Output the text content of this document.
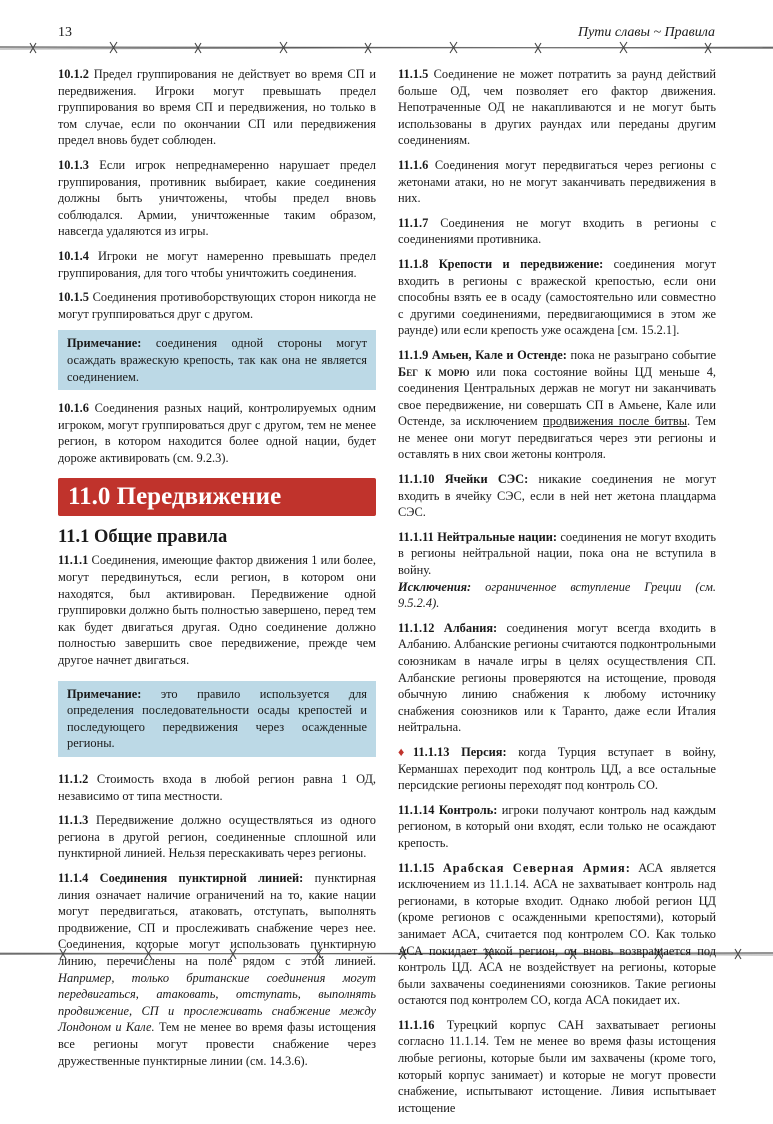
13	Пути славы ~ Правила

10.1.2 Предел группирования не действует во время СП и передвижения. Игроки могут превышать предел группирования во время СП и передвижения, но только в том случае, если по окончании СП или передвижения предел вновь будет соблюден.

10.1.3 Если игрок непреднамеренно нарушает предел группирования, противник выбирает, какие соединения должны быть уничтожены, чтобы предел вновь соблюдался. Армии, уничтоженные таким образом, навсегда удаляются из игры.

10.1.4 Игроки не могут намеренно превышать предел группирования, для того чтобы уничтожить соединения.

10.1.5 Соединения противоборствующих сторон никогда не могут группироваться друг с другом.

Примечание: соединения одной стороны могут осаждать вражескую крепость, так как она не является соединением.

10.1.6 Соединения разных наций, контролируемых одним игроком, могут группироваться друг с другом, тем не менее регион, в котором находится более одной нации, будет дороже активировать (см. 9.2.3).

11.0 Передвижение
11.1 Общие правила

11.1.1 Соединения, имеющие фактор движения 1 или более, могут передвинуться, если регион, в котором они находятся, был активирован. Передвижение одной группировки должно быть полностью завершено, перед тем как будет двигаться другая. Одно соединение должно полностью завершить свое передвижение, прежде чем другое начнет двигаться.

Примечание: это правило используется для определения последовательности осады крепостей и последующего передвижения через осажденные регионы.

11.1.2 Стоимость входа в любой регион равна 1 ОД, независимо от типа местности.

11.1.3 Передвижение должно осуществляться из одного региона в другой регион, соединенные сплошной или пунктирной линией. Нельзя перескакивать через регионы.

11.1.4 Соединения пунктирной линией: пунктирная линия означает наличие ограничений на то, какие нации могут передвигаться, атаковать, отступать, выполнять продвижение, СП и прослеживать снабжение через нее. Соединения, которые могут использовать пунктирную линию, перечислены на поле рядом с этой линией. Например, только британские соединения могут передвигаться, атаковать, отступать, выполнять продвижение, СП и прослеживать снабжение между Лондоном и Кале. Тем не менее во время фазы истощения все регионы могут провести снабжение через дружественные пунктирные линии (см. 14.3.6).

11.1.5 Соединение не может потратить за раунд действий больше ОД, чем позволяет его фактор движения. Непотраченные ОД не накапливаются и не могут быть использованы в других раундах или переданы другим соединениям.

11.1.6 Соединения могут передвигаться через регионы с жетонами атаки, но не могут заканчивать передвижения в них.

11.1.7 Соединения не могут входить в регионы с соединениями противника.

11.1.8 Крепости и передвижение: соединения могут входить в регионы с вражеской крепостью, если они способны взять ее в осаду (самостоятельно или совместно с другими соединениями, передвигающимися в этом же раунде) или если крепость уже осаждена [см. 15.2.1].

11.1.9 Амьен, Кале и Остенде: пока не разыграно событие Бег к морю или пока состояние войны ЦД меньше 4, соединения Центральных держав не могут ни заканчивать свое передвижение, ни совершать СП в Амьене, Кале или Остенде, за исключением продвижения после битвы. Тем не менее они могут передвигаться через эти регионы и оставлять в них свои жетоны контроля.

11.1.10 Ячейки СЭС: никакие соединения не могут входить в ячейку СЭС, если в ней нет жетона плацдарма СЭС.

11.1.11 Нейтральные нации: соединения не могут входить в регионы нейтральной нации, пока она не вступила в войну.
Исключения: ограниченное вступление Греции (см. 9.5.2.4).

11.1.12 Албания: соединения могут всегда входить в Албанию. Албанские регионы считаются подконтрольными союзникам в начале игры в целях осуществления СП. Албанские регионы проверяются на истощение, проводя обычную линию снабжения к любому источнику снабжения союзников или к Таранто, даже если Италия нейтральна.

♦11.1.13 Персия: когда Турция вступает в войну, Керманшах переходит под контроль ЦД, а все остальные персидские регионы переходят под контроль СО.

11.1.14 Контроль: игроки получают контроль над каждым регионом, в который они входят, если только не осаждают крепость.

11.1.15 Арабская Северная Армия: АСА является исключением из 11.1.14. АСА не захватывает контроль над регионами, в которые входит. Однако любой регион ЦД (кроме регионов с осажденными крепостями), который занимает АСА, считается под контролем СО. Как только АСА покидает такой регион, он вновь возвращается под контроль ЦД. АСА не воздействует на регионы, которые были захвачены соединениями союзников. Такие регионы остаются под контролем СО, когда АСА покидает их.

11.1.16 Турецкий корпус САН захватывает регионы согласно 11.1.14. Тем не менее во время фазы истощения любые регионы, которые были им захвачены (кроме того, который корпус занимает) и которые не могут провести снабжение, испытывают истощение. Ливия испытывает истощение
